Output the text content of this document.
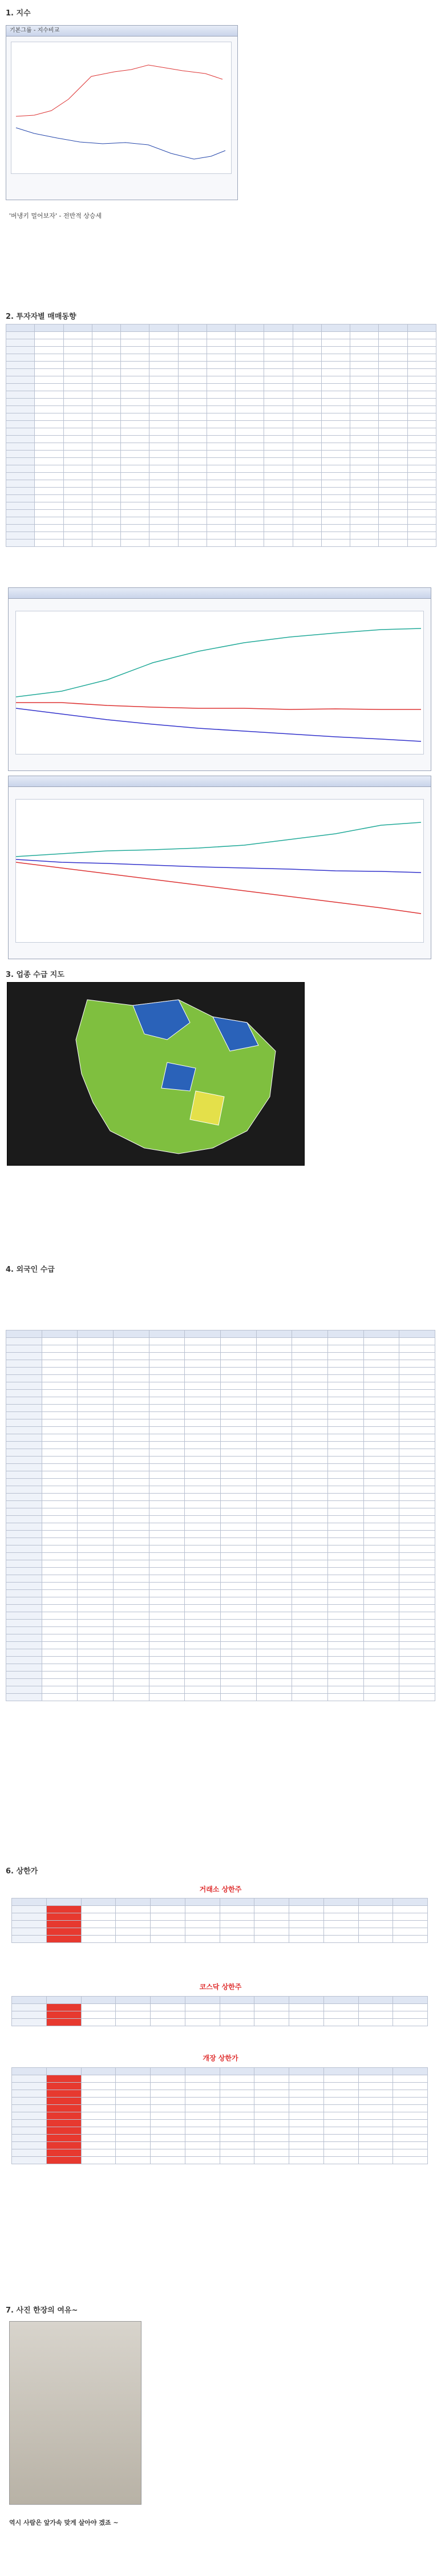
1. 지수
기본그룹 - 지수비교
'버냉키 멀어보자' - 전반적 상승세
2. 투자자별 매매동향

3. 업종 수급 지도
4. 외국인 수급

6. 상한가
거래소 상한주

코스닥 상한주

개장 상한가

7. 사진 한장의 여유~
역시 사람은 앞가속 맞게 살아야 겠죠 ~
